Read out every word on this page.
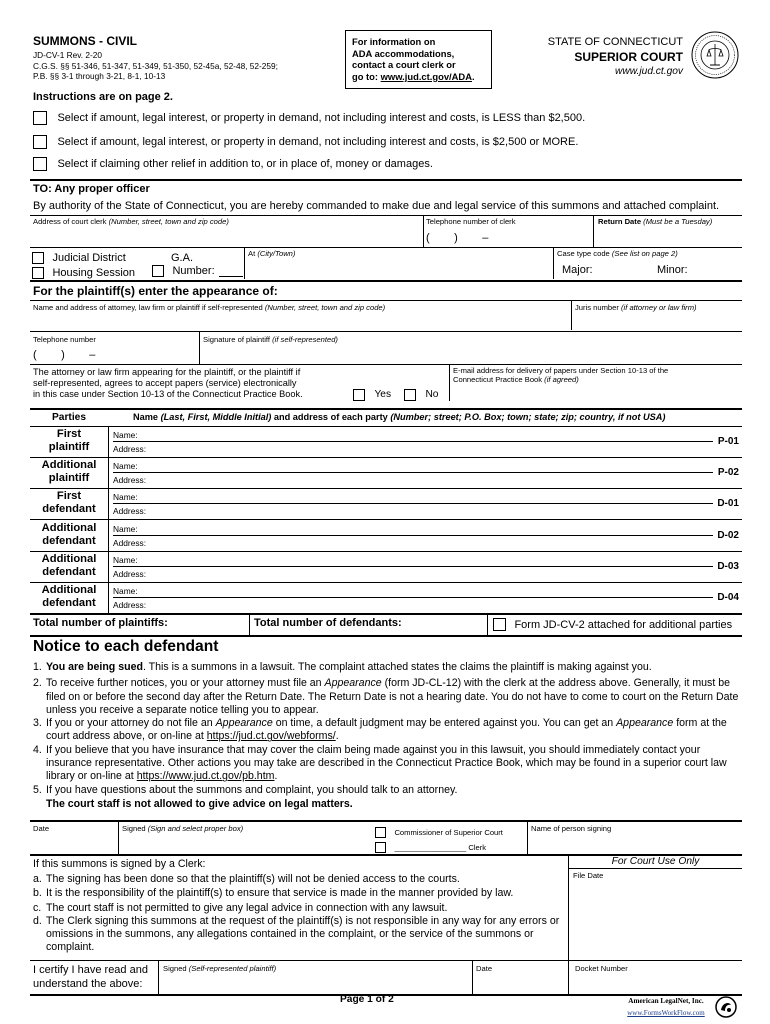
SUMMONS - CIVIL
JD-CV-1 Rev. 2-20
C.G.S. §§ 51-346, 51-347, 51-349, 51-350, 52-45a, 52-48, 52-259;
P.B. §§ 3-1 through 3-21, 8-1, 10-13
For information on
ADA accommodations,
contact a court clerk or
go to: www.jud.ct.gov/ADA.
STATE OF CONNECTICUT
SUPERIOR COURT
www.jud.ct.gov
Instructions are on page 2.
Select if amount, legal interest, or property in demand, not including interest and costs, is LESS than $2,500.
Select if amount, legal interest, or property in demand, not including interest and costs, is $2,500 or MORE.
Select if claiming other relief in addition to, or in place of, money or damages.
TO: Any proper officer
By authority of the State of Connecticut, you are hereby commanded to make due and legal service of this summons and attached complaint.
Address of court clerk (Number, street, town and zip code)	Telephone number of clerk
(        )        –
Return Date (Must be a Tuesday)
Judicial District
Housing Session
G.A.
Number:
At (City/Town)	Case type code (See list on page 2)
Major:	Minor:
For the plaintiff(s) enter the appearance of:
Name and address of attorney, law firm or plaintiff if self-represented (Number, street, town and zip code)	Juris number (if attorney or law firm)
Telephone number
(        )        –
Signature of plaintiff (if self-represented)
The attorney or law firm appearing for the plaintiff, or the plaintiff if
self-represented, agrees to accept papers (service) electronically
in this case under Section 10-13 of the Connecticut Practice Book.	Yes	No
E-mail address for delivery of papers under Section 10-13 of the
Connecticut Practice Book (if agreed)
Parties	Name (Last, First, Middle Initial) and address of each party (Number; street; P.O. Box; town; state; zip; country, if not USA)
First
plaintiff
Name:
Address:
P-01
Additional
plaintiff
Name:
Address:
P-02
First
defendant
Name:
Address:
D-01
Additional
defendant
Name:
Address:
D-02
Additional
defendant
Name:
Address:
D-03
Additional
defendant
Name:
Address:
D-04
Total number of plaintiffs:	Total number of defendants:	Form JD-CV-2 attached for additional parties
Notice to each defendant

1. You are being sued. This is a summons in a lawsuit. The complaint attached states the claims the plaintiff is making against you.

2. To receive further notices, you or your attorney must file an Appearance (form JD-CL-12) with the clerk at the address above. Generally, it must be filed on or before the second day after the Return Date. The Return Date is not a hearing date. You do not have to come to court on the Return Date unless you receive a separate notice telling you to appear.

3. If you or your attorney do not file an Appearance on time, a default judgment may be entered against you. You can get an Appearance form at the court address above, or on-line at https://jud.ct.gov/webforms/.

4. If you believe that you have insurance that may cover the claim being made against you in this lawsuit, you should immediately contact your insurance representative. Other actions you may take are described in the Connecticut Practice Book, which may be found in a superior court law library or on-line at https://www.jud.ct.gov/pb.htm.

5. If you have questions about the summons and complaint, you should talk to an attorney.

The court staff is not allowed to give advice on legal matters.
Date	Signed (Sign and select proper box)	Commissioner of Superior Court
_________________ Clerk
Name of person signing
If this summons is signed by a Clerk:

a. The signing has been done so that the plaintiff(s) will not be denied access to the courts.

b. It is the responsibility of the plaintiff(s) to ensure that service is made in the manner provided by law.

c. The court staff is not permitted to give any legal advice in connection with any lawsuit.

d. The Clerk signing this summons at the request of the plaintiff(s) is not responsible in any way for any errors or omissions in the summons, any allegations contained in the complaint, or the service of the summons or complaint.

For Court Use Only
File Date
I certify I have read and
understand the above:
Signed (Self-represented plaintiff)	Date	Docket Number
Page 1 of 2	American LegalNet, Inc.
www.FormsWorkFlow.com
